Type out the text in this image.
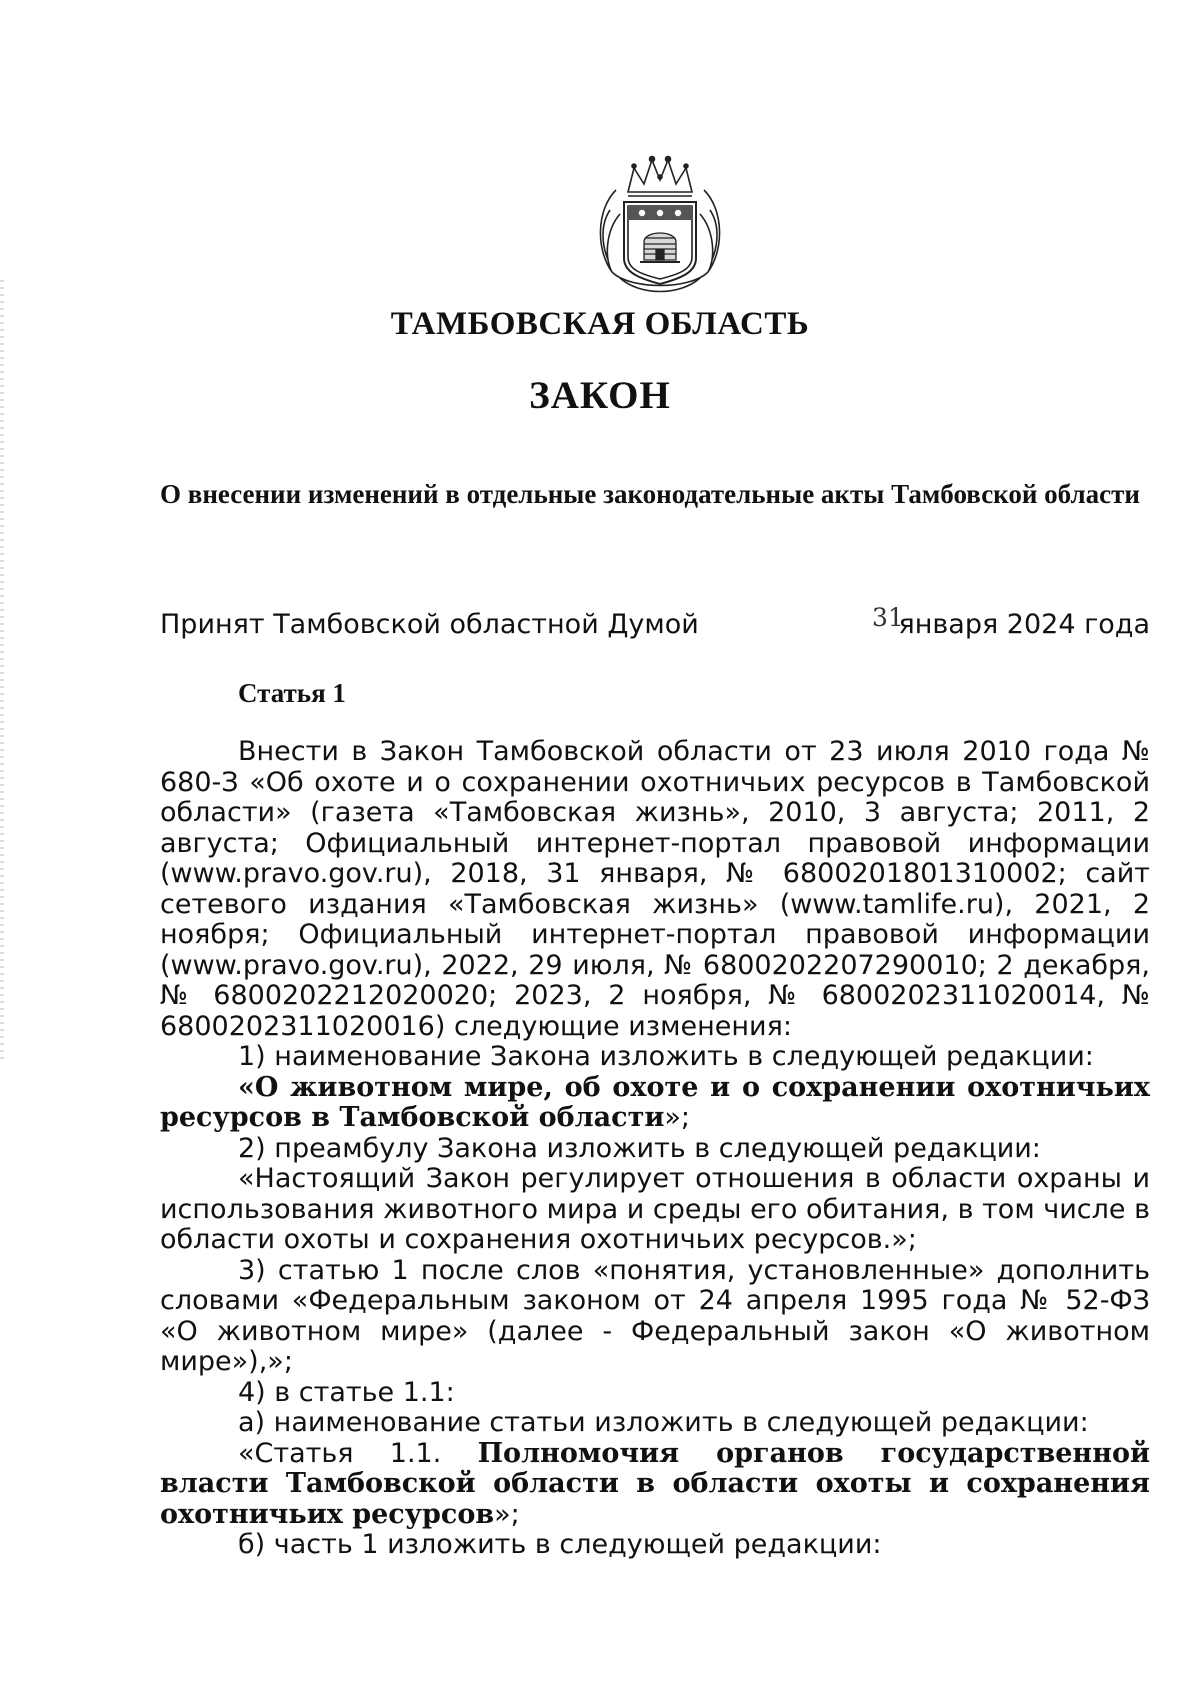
ТАМБОВСКАЯ ОБЛАСТЬ
ЗАКОН

О внесении изменений в отдельные законодательные акты Тамбовской области

Принят Тамбовской областной Думой	31
января 2024 года
Статья 1

Внести в Закон Тамбовской области от 23 июля 2010 года № 680-З «Об охоте и о сохранении охотничьих ресурсов в Тамбовской области» (газета «Тамбовская жизнь», 2010, 3 августа; 2011, 2 августа; Официальный интернет-портал правовой информации (www.pravo.gov.ru), 2018, 31 января, № 6800201801310002; сайт сетевого издания «Тамбовская жизнь» (www.tamlife.ru), 2021, 2 ноября; Официальный интернет-портал правовой информации (www.pravo.gov.ru), 2022, 29 июля, № 6800202207290010; 2 декабря, № 6800202212020020; 2023, 2 ноября, № 6800202311020014, № 6800202311020016) следующие изменения:

1) наименование Закона изложить в следующей редакции:

«О животном мире, об охоте и о сохранении охотничьих ресурсов в Тамбовской области»;

2) преамбулу Закона изложить в следующей редакции:

«Настоящий Закон регулирует отношения в области охраны и использования животного мира и среды его обитания, в том числе в области охоты и сохранения охотничьих ресурсов.»;

3) статью 1 после слов «понятия, установленные» дополнить словами «Федеральным законом от 24 апреля 1995 года № 52-ФЗ «О животном мире» (далее - Федеральный закон «О животном мире»),»;

4) в статье 1.1:

а) наименование статьи изложить в следующей редакции:

«Статья 1.1. Полномочия органов государственной власти Тамбовской области в области охоты и сохранения охотничьих ресурсов»;

б) часть 1 изложить в следующей редакции:
